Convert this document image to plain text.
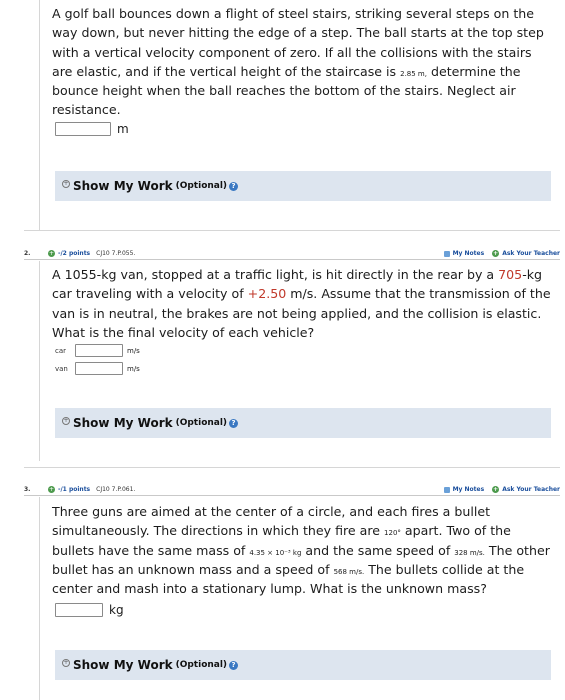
A golf ball bounces down a flight of steel stairs, striking several steps on the way down, but never hitting the edge of a step. The ball starts at the top step with a vertical velocity component of zero. If all the collisions with the stairs are elastic, and if the vertical height of the staircase is 2.85 m, determine the bounce height when the ball reaches the bottom of the stairs. Neglect air resistance.
m
+ Show My Work (Optional) ?
2.	+ -/2 points CJ10 7.P.055.	My Notes + Ask Your Teacher
A 1055-kg van, stopped at a traffic light, is hit directly in the rear by a 705-kg car traveling with a velocity of +2.50 m/s. Assume that the transmission of the van is in neutral, the brakes are not being applied, and the collision is elastic. What is the final velocity of each vehicle?
car	m/s
van	m/s
+ Show My Work (Optional) ?
3.	+ -/1 points CJ10 7.P.061.	My Notes + Ask Your Teacher
Three guns are aimed at the center of a circle, and each fires a bullet simultaneously. The directions in which they fire are 120° apart. Two of the bullets have the same mass of 4.35 × 10⁻³ kg and the same speed of 328 m/s. The other bullet has an unknown mass and a speed of 568 m/s. The bullets collide at the center and mash into a stationary lump. What is the unknown mass?
kg
+ Show My Work (Optional) ?
